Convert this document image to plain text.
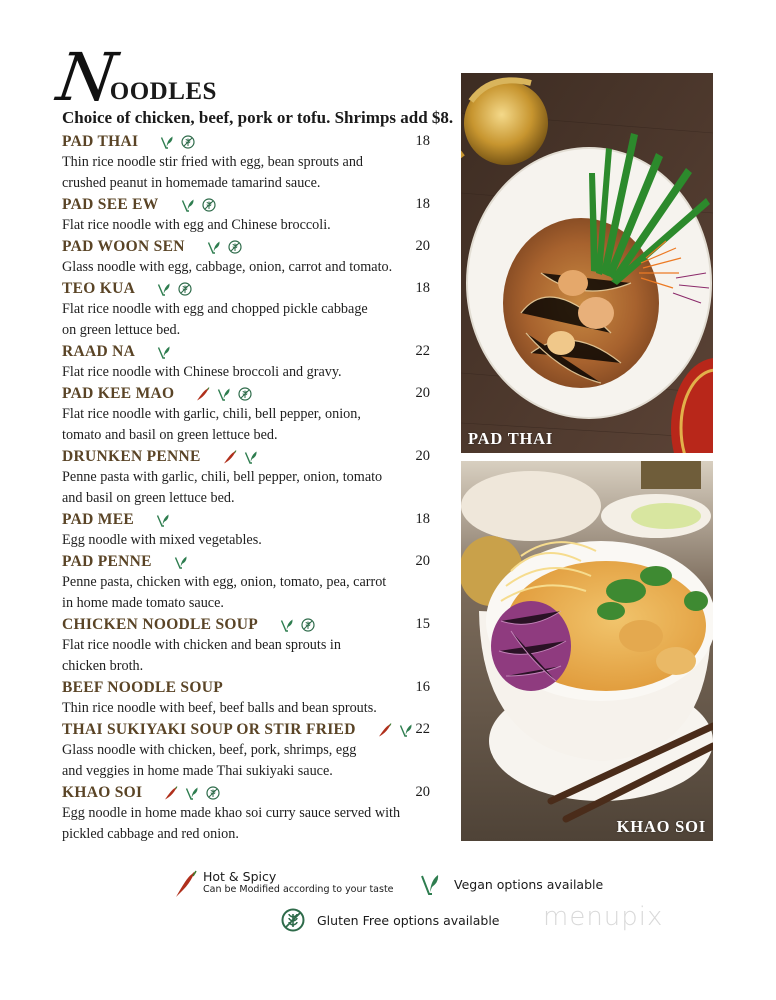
N
OODLES
Choice of chicken, beef, pork or tofu. Shrimps add $8.
PAD THAI	18
Thin rice noodle stir fried with egg, bean sprouts and
crushed peanut in homemade tamarind sauce.
PAD SEE EW	18
Flat rice noodle with egg and Chinese broccoli.
PAD WOON SEN	20
Glass noodle with egg, cabbage, onion, carrot and tomato.
TEO KUA	18
Flat rice noodle with egg and chopped pickle cabbage
on green lettuce bed.
RAAD NA	22
Flat rice noodle with Chinese broccoli and gravy.
PAD KEE MAO	20
Flat rice noodle with garlic, chili, bell pepper, onion,
tomato and basil on green lettuce bed.
DRUNKEN PENNE	20
Penne pasta with garlic, chili, bell pepper, onion, tomato
and basil on green lettuce bed.
PAD MEE	18
Egg noodle with mixed vegetables.
PAD PENNE	20
Penne pasta, chicken with egg, onion, tomato, pea, carrot
in home made tomato sauce.
CHICKEN NOODLE SOUP	15
Flat rice noodle with chicken and bean sprouts in
chicken broth.
BEEF NOODLE SOUP	16
Thin rice noodle with beef, beef balls and bean sprouts.
THAI SUKIYAKI SOUP OR STIR FRIED	22
Glass noodle with chicken, beef, pork, shrimps, egg
and veggies in home made Thai sukiyaki sauce.
KHAO SOI	20
Egg noodle in home made khao soi curry sauce served with
pickled cabbage and red onion.
PAD THAI
KHAO SOI
Hot & Spicy
Can be Modified according to your taste	Vegan options available
Gluten Free options available menupix
